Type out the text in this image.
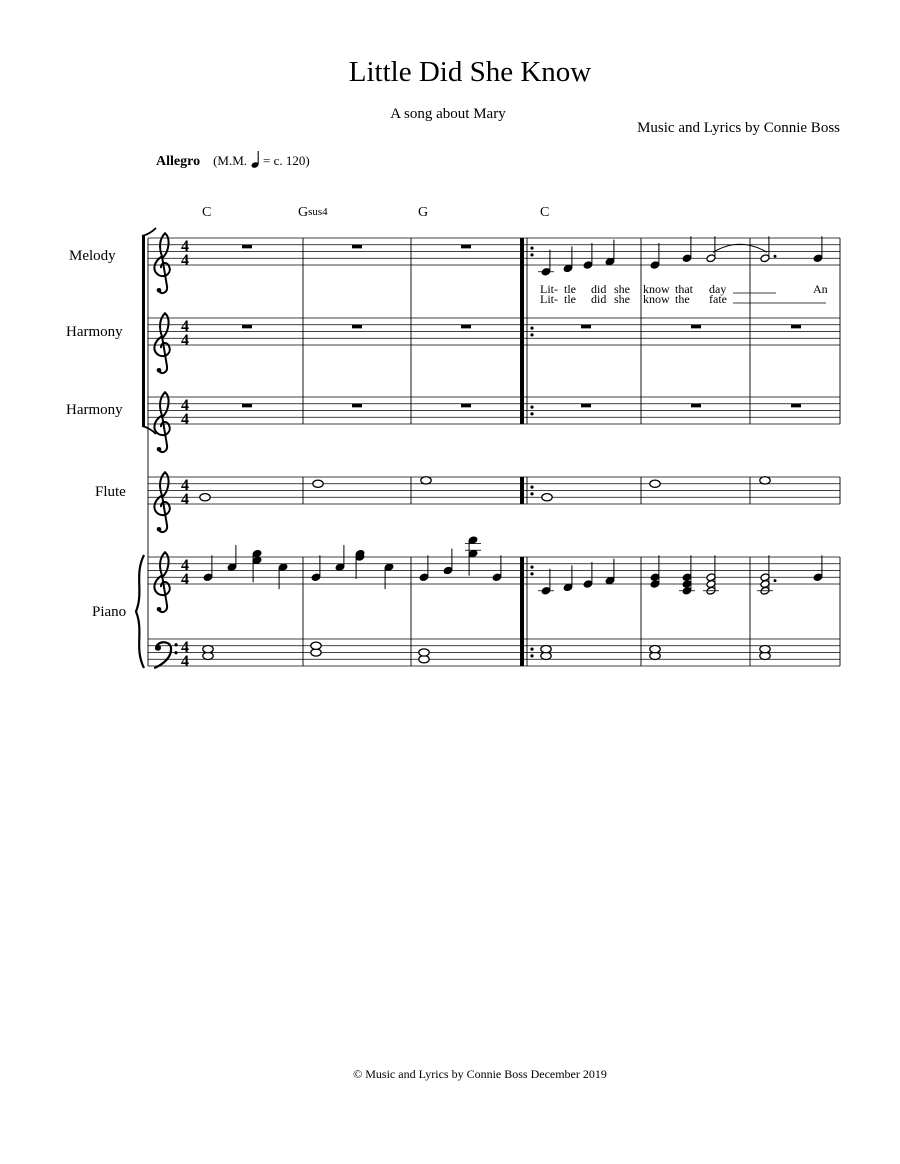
Little Did She Know
A song about Mary
Music and Lyrics by Connie Boss
Allegro (M.M. = c. 120)
C	Gsus4	G	C
Melody
Harmony
Harmony
Flute
Piano
Lit- tle did she know that day	An
Lit- tle did she know the fate
4
4
4
4
4
4
4
4
4
4
4
4
© Music and Lyrics by Connie Boss December 2019
